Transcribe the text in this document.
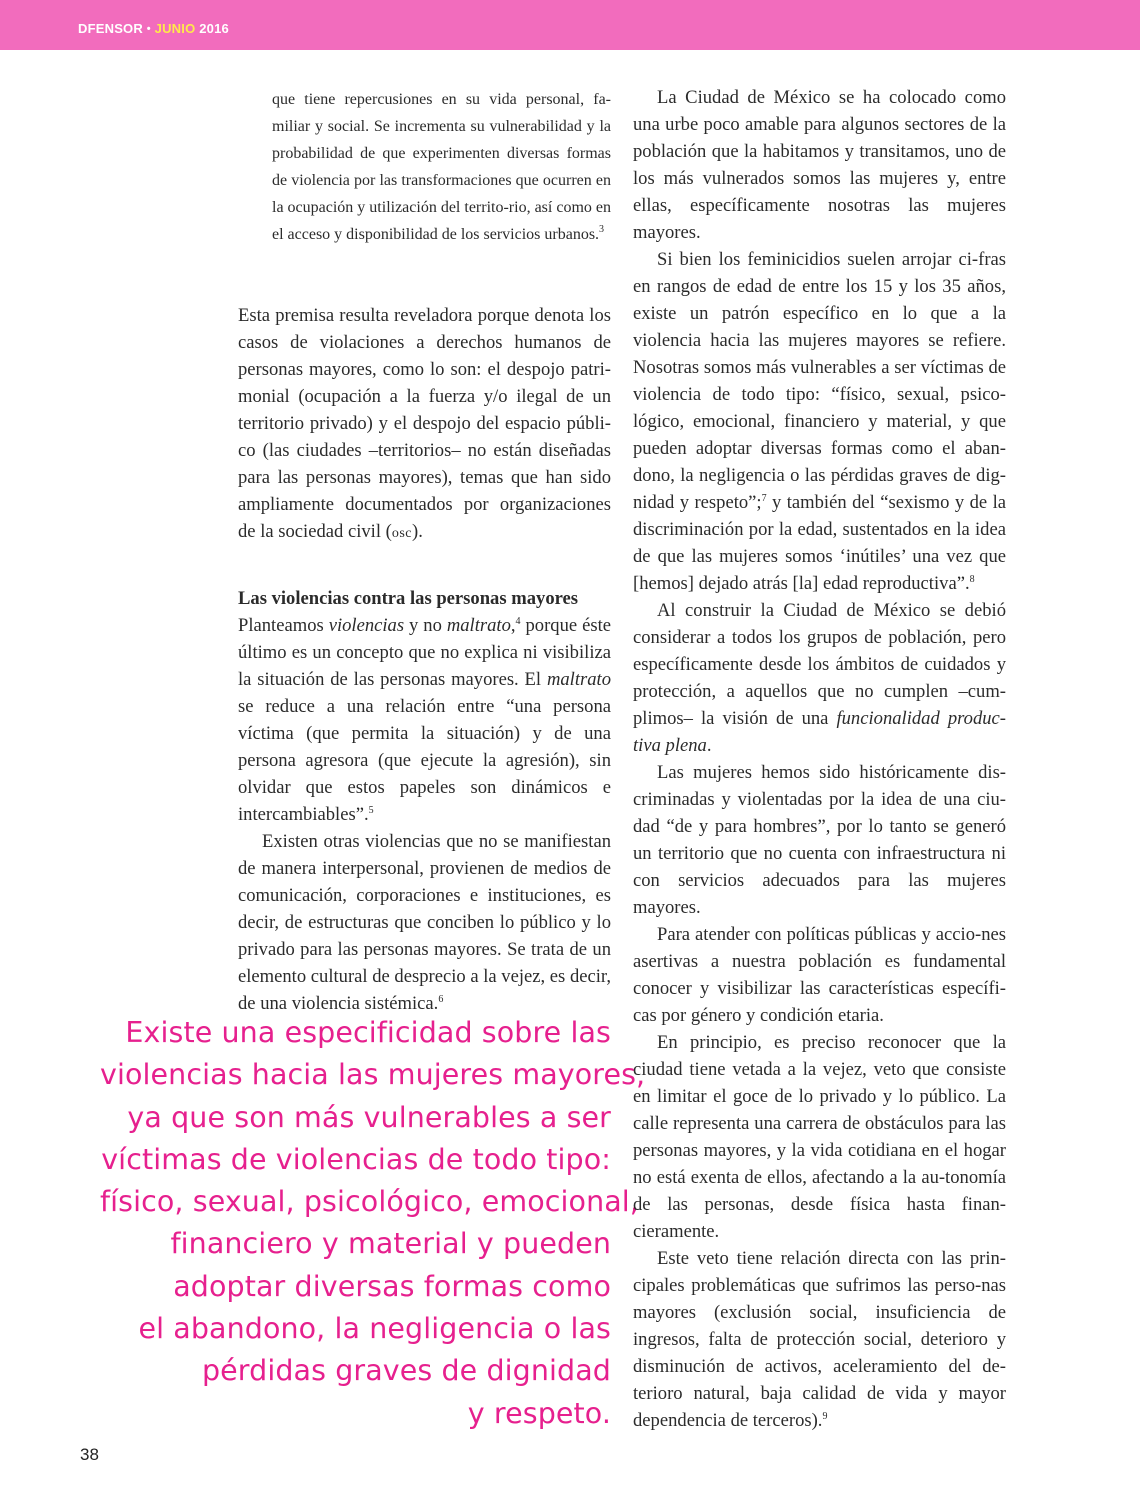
DFENSOR • JUNIO 2016

que tiene repercusiones en su vida personal, fa-miliar y social. Se incrementa su vulnerabilidad y la probabilidad de que experimenten diversas formas de violencia por las transformaciones que ocurren en la ocupación y utilización del territo-rio, así como en el acceso y disponibilidad de los servicios urbanos.$^3$

Esta premisa resulta reveladora porque denota los casos de violaciones a derechos humanos de personas mayores, como lo son: el despojo patri-monial (ocupación a la fuerza y/o ilegal de un territorio privado) y el despojo del espacio públi-co (las ciudades –territorios– no están diseñadas para las personas mayores), temas que han sido ampliamente documentados por organizaciones de la sociedad civil (osc).

Las violencias contra las personas mayores

Planteamos violencias y no maltrato,$^4$ porque éste último es un concepto que no explica ni visibiliza la situación de las personas mayores. El maltrato se reduce a una relación entre “una persona víctima (que permita la situación) y de una persona agresora (que ejecute la agresión), sin olvidar que estos papeles son dinámicos e intercambiables”.$^5$

Existen otras violencias que no se manifiestan de manera interpersonal, provienen de medios de comunicación, corporaciones e instituciones, es decir, de estructuras que conciben lo público y lo privado para las personas mayores. Se trata de un elemento cultural de desprecio a la vejez, es decir, de una violencia sistémica.$^6$

Existe una especificidad sobre las
violencias hacia las mujeres mayores,
ya que son más vulnerables a ser
víctimas de violencias de todo tipo:
físico, sexual, psicológico, emocional,
financiero y material y pueden
adoptar diversas formas como
el abandono, la negligencia o las
pérdidas graves de dignidad
y respeto.

La Ciudad de México se ha colocado como una urbe poco amable para algunos sectores de la población que la habitamos y transitamos, uno de los más vulnerados somos las mujeres y, entre ellas, específicamente nosotras las mujeres mayores.

Si bien los feminicidios suelen arrojar ci-fras en rangos de edad de entre los 15 y los 35 años, existe un patrón específico en lo que a la violencia hacia las mujeres mayores se refiere. Nosotras somos más vulnerables a ser víctimas de violencia de todo tipo: “físico, sexual, psico-lógico, emocional, financiero y material, y que pueden adoptar diversas formas como el aban-dono, la negligencia o las pérdidas graves de dig-nidad y respeto”;$^7$ y también del “sexismo y de la discriminación por la edad, sustentados en la idea de que las mujeres somos ‘inútiles’ una vez que [hemos] dejado atrás [la] edad reproductiva”.$^8$

Al construir la Ciudad de México se debió considerar a todos los grupos de población, pero específicamente desde los ámbitos de cuidados y protección, a aquellos que no cumplen –cum-plimos– la visión de una funcionalidad produc-tiva plena.

Las mujeres hemos sido históricamente dis-criminadas y violentadas por la idea de una ciu-dad “de y para hombres”, por lo tanto se generó un territorio que no cuenta con infraestructura ni con servicios adecuados para las mujeres mayores.

Para atender con políticas públicas y accio-nes asertivas a nuestra población es fundamental conocer y visibilizar las características específi-cas por género y condición etaria.

En principio, es preciso reconocer que la ciudad tiene vetada a la vejez, veto que consiste en limitar el goce de lo privado y lo público. La calle representa una carrera de obstáculos para las personas mayores, y la vida cotidiana en el hogar no está exenta de ellos, afectando a la au-tonomía de las personas, desde física hasta finan-cieramente.

Este veto tiene relación directa con las prin-cipales problemáticas que sufrimos las perso-nas mayores (exclusión social, insuficiencia de ingresos, falta de protección social, deterioro y disminución de activos, aceleramiento del de-terioro natural, baja calidad de vida y mayor dependencia de terceros).$^9$

38
